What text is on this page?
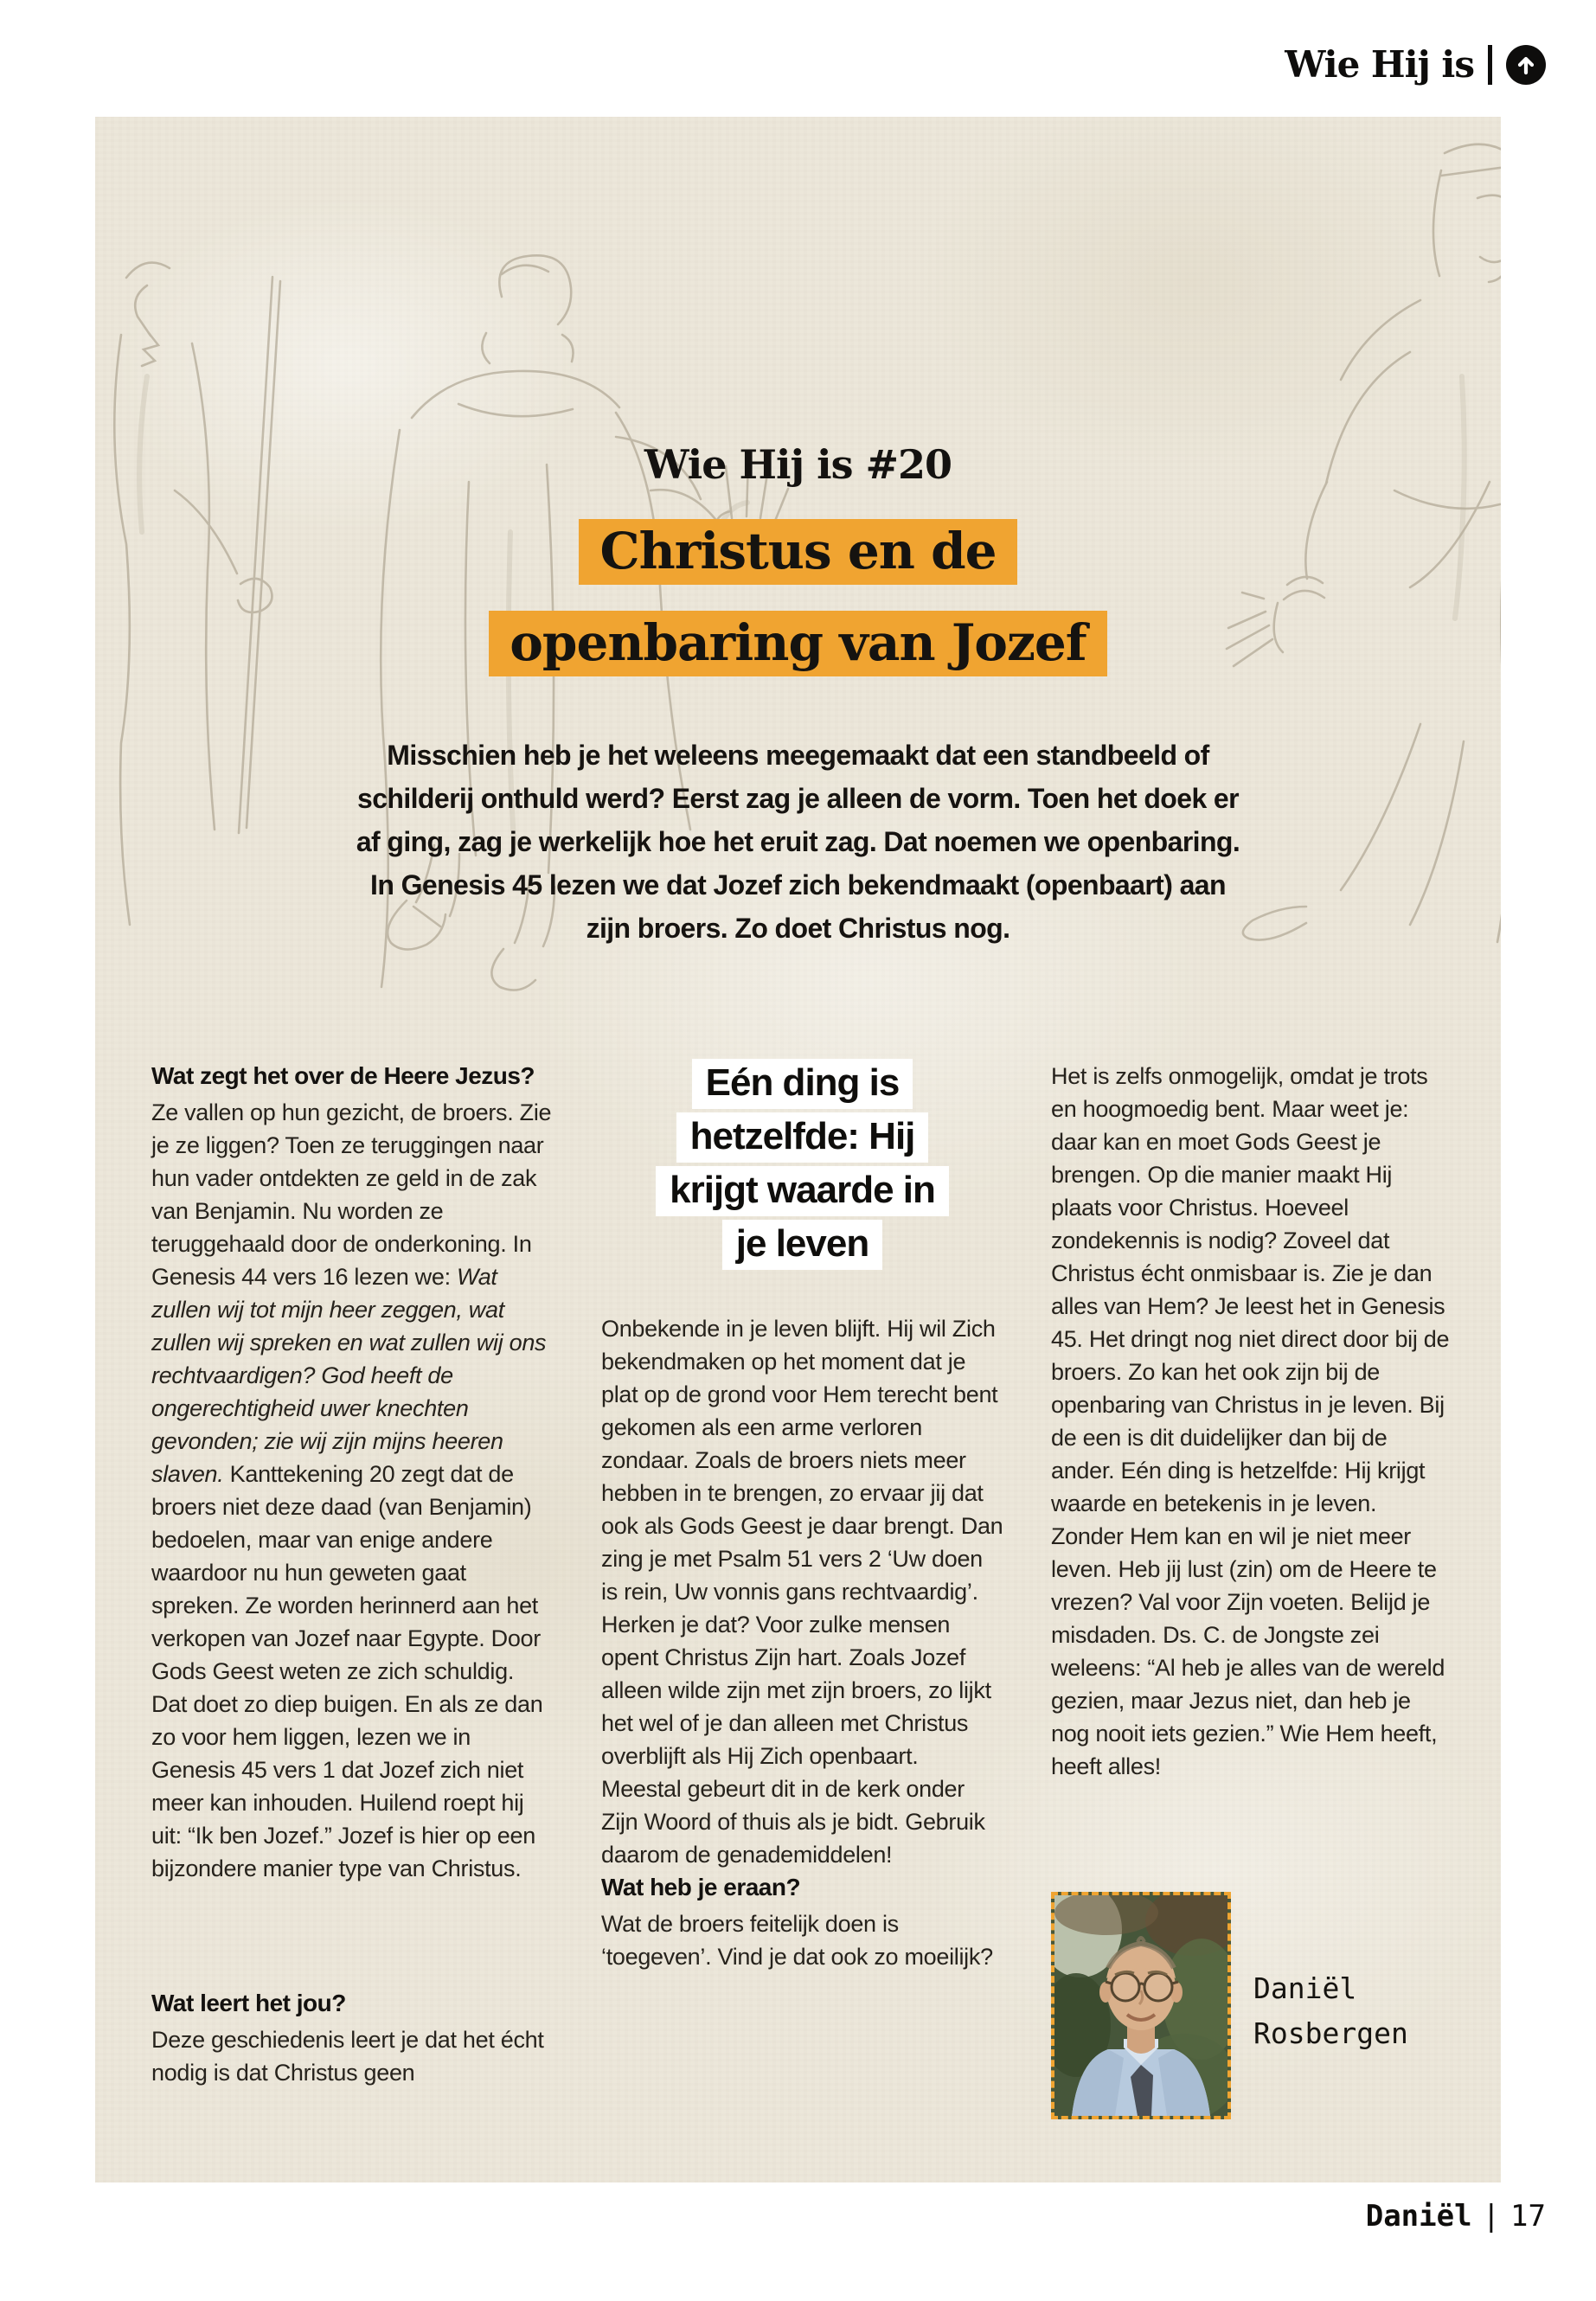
Wie Hij is
Wie Hij is #20
Christus en de
openbaring van Jozef
Misschien heb je het weleens meegemaakt dat een standbeeld of
schilderij onthuld werd? Eerst zag je alleen de vorm. Toen het doek er
af ging, zag je werkelijk hoe het eruit zag. Dat noemen we openbaring.
In Genesis 45 lezen we dat Jozef zich bekendmaakt (openbaart) aan
zijn broers. Zo doet Christus nog.
Wat zegt het over de Heere Jezus?

Ze vallen op hun gezicht, de broers. Zie je ze liggen? Toen ze teruggingen naar hun vader ontdekten ze geld in de zak van Benjamin. Nu worden ze teruggehaald door de onderkoning. In Genesis 44 vers 16 lezen we: Wat zullen wij tot mijn heer zeggen, wat zullen wij spreken en wat zullen wij ons rechtvaardigen? God heeft de ongerechtigheid uwer knechten gevonden; zie wij zijn mijns heeren slaven. Kanttekening 20 zegt dat de broers niet deze daad (van Benjamin) bedoelen, maar van enige andere waardoor nu hun geweten gaat spreken. Ze worden herinnerd aan het verkopen van Jozef naar Egypte. Door Gods Geest weten ze zich schuldig. Dat doet zo diep buigen. En als ze dan zo voor hem liggen, lezen we in Genesis 45 vers 1 dat Jozef zich niet meer kan inhouden. Huilend roept hij uit: “Ik ben Jozef.” Jozef is hier op een bijzondere manier type van Christus.

Wat leert het jou?

Deze geschiedenis leert je dat het écht nodig is dat Christus geen

Eén ding is
hetzelfde: Hij
krijgt waarde in
je leven

Onbekende in je leven blijft. Hij wil Zich bekendmaken op het moment dat je plat op de grond voor Hem terecht bent gekomen als een arme verloren zondaar. Zoals de broers niets meer hebben in te brengen, zo ervaar jij dat ook als Gods Geest je daar brengt. Dan zing je met Psalm 51 vers 2 ‘Uw doen is rein, Uw vonnis gans rechtvaardig’. Herken je dat? Voor zulke mensen opent Christus Zijn hart. Zoals Jozef alleen wilde zijn met zijn broers, zo lijkt het wel of je dan alleen met Christus overblijft als Hij Zich openbaart. Meestal gebeurt dit in de kerk onder Zijn Woord of thuis als je bidt. Gebruik daarom de genademiddelen!

Wat heb je eraan?

Wat de broers feitelijk doen is ‘toegeven’. Vind je dat ook zo moeilijk?

Het is zelfs onmogelijk, omdat je trots en hoogmoedig bent. Maar weet je: daar kan en moet Gods Geest je brengen. Op die manier maakt Hij plaats voor Christus. Hoeveel zondekennis is nodig? Zoveel dat Christus écht onmisbaar is. Zie je dan alles van Hem? Je leest het in Genesis 45. Het dringt nog niet direct door bij de broers. Zo kan het ook zijn bij de openbaring van Christus in je leven. Bij de een is dit duidelijker dan bij de ander. Eén ding is hetzelfde: Hij krijgt waarde en betekenis in je leven. Zonder Hem kan en wil je niet meer leven. Heb jij lust (zin) om de Heere te vrezen? Val voor Zijn voeten. Belijd je misdaden. Ds. C. de Jongste zei weleens: “Al heb je alles van de wereld gezien, maar Jezus niet, dan heb je nog nooit iets gezien.” Wie Hem heeft, heeft alles!

Daniël
Rosbergen
Daniël | 17
